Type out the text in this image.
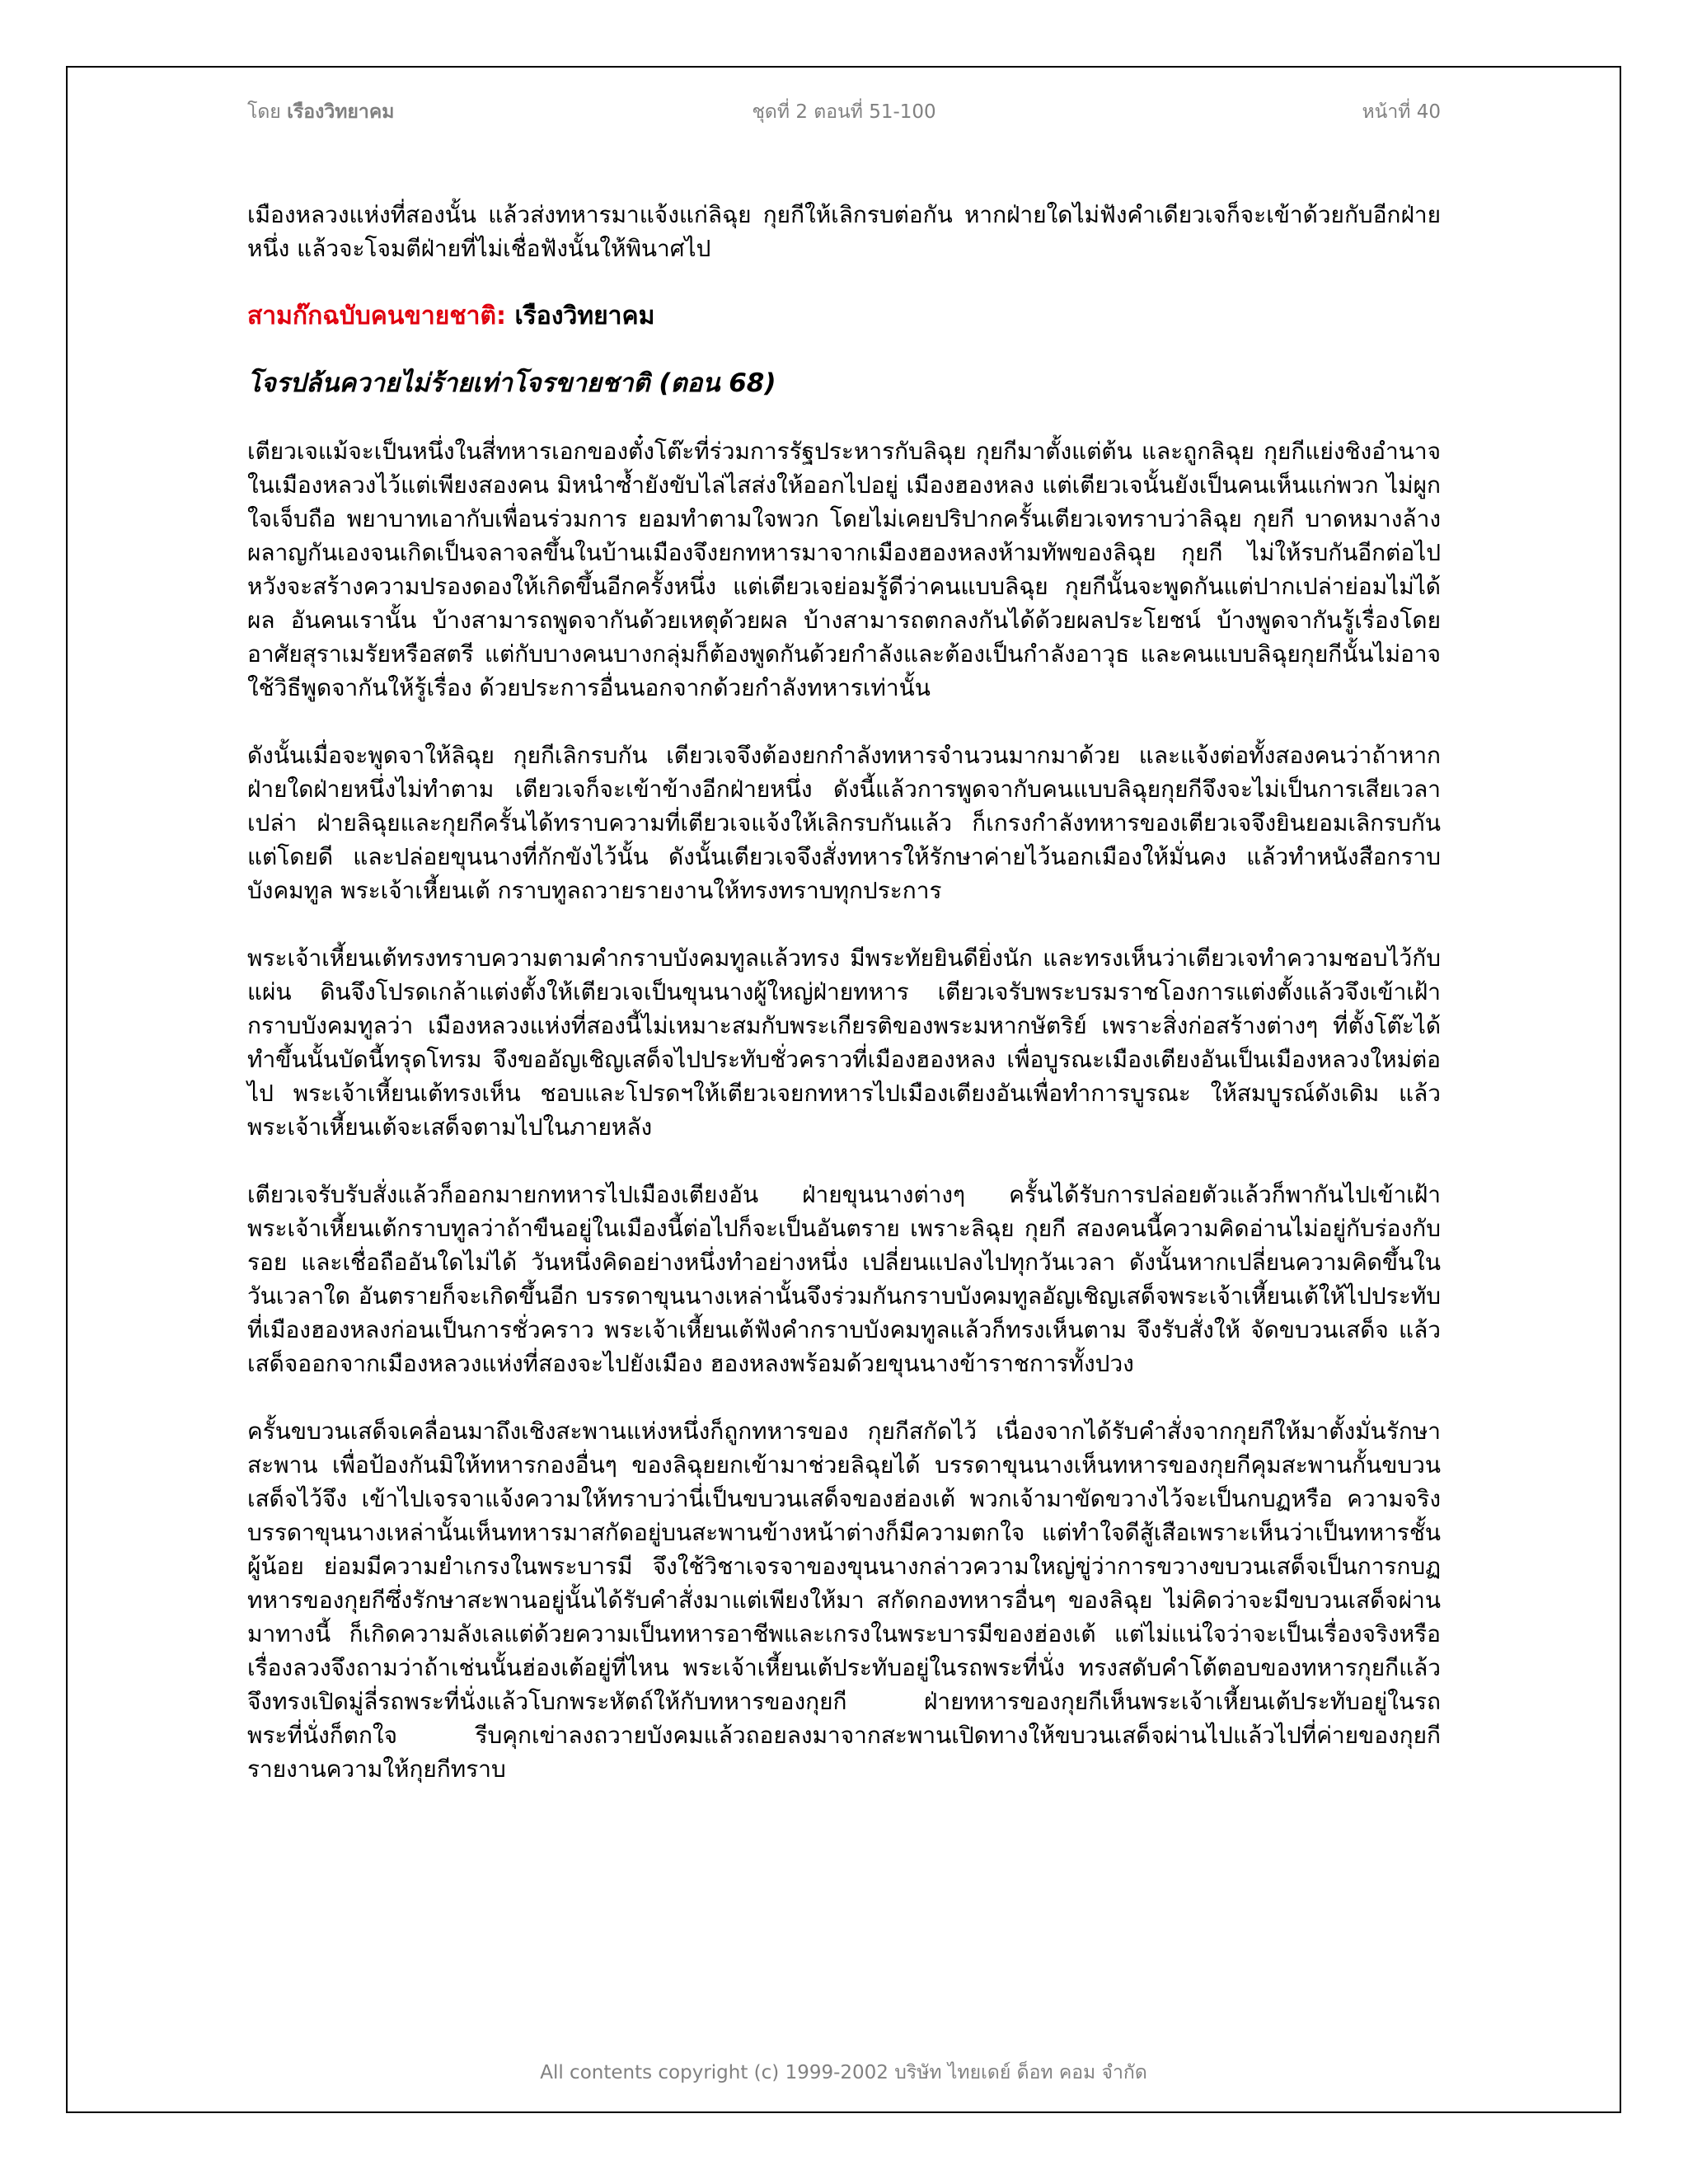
โดย เรืองวิทยาคม	ชุดที่ 2 ตอนที่ 51-100	หน้าที่ 40

เมืองหลวงแห่งที่สองนั้น แล้วส่งทหารมาแจ้งแก่ลิฉุย กุยกีให้เลิกรบต่อกัน หากฝ่ายใดไม่ฟังคำเดียวเจก็จะเข้าด้วยกับอีกฝ่ายหนึ่ง แล้วจะโจมตีฝ่ายที่ไม่เชื่อฟังนั้นให้พินาศไป

สามก๊กฉบับคนขายชาติ: เรืองวิทยาคม
โจรปล้นควายไม่ร้ายเท่าโจรขายชาติ (ตอน 68)

เตียวเจแม้จะเป็นหนึ่งในสี่ทหารเอกของตั๋งโต๊ะที่ร่วมการรัฐประหารกับลิฉุย กุยกีมาตั้งแต่ต้น และถูกลิฉุย กุยกีแย่งชิงอำนาจในเมืองหลวงไว้แต่เพียงสองคน มิหนำซ้ำยังขับไล่ไสส่งให้ออกไปอยู่ เมืองฮองหลง แต่เตียวเจนั้นยังเป็นคนเห็นแก่พวก ไม่ผูกใจเจ็บถือ พยาบาทเอากับเพื่อนร่วมการ ยอมทำตามใจพวก โดยไม่เคยปริปากครั้นเตียวเจทราบว่าลิฉุย กุยกี บาดหมางล้างผลาญกันเองจนเกิดเป็นจลาจลขึ้นในบ้านเมืองจึงยกทหารมาจากเมืองฮองหลงห้ามทัพของลิฉุย กุยกี ไม่ให้รบกันอีกต่อไปหวังจะสร้างความปรองดองให้เกิดขึ้นอีกครั้งหนึ่ง แต่เตียวเจย่อมรู้ดีว่าคนแบบลิฉุย กุยกีนั้นจะพูดกันแต่ปากเปล่าย่อมไม่ได้ผล อันคนเรานั้น บ้างสามารถพูดจากันด้วยเหตุด้วยผล บ้างสามารถตกลงกันได้ด้วยผลประโยชน์ บ้างพูดจากันรู้เรื่องโดยอาศัยสุราเมรัยหรือสตรี แต่กับบางคนบางกลุ่มก็ต้องพูดกันด้วยกำลังและต้องเป็นกำลังอาวุธ และคนแบบลิฉุยกุยกีนั้นไม่อาจใช้วิธีพูดจากันให้รู้เรื่อง ด้วยประการอื่นนอกจากด้วยกำลังทหารเท่านั้น

ดังนั้นเมื่อจะพูดจาให้ลิฉุย กุยกีเลิกรบกัน เตียวเจจึงต้องยกกำลังทหารจำนวนมากมาด้วย และแจ้งต่อทั้งสองคนว่าถ้าหากฝ่ายใดฝ่ายหนึ่งไม่ทำตาม เตียวเจก็จะเข้าข้างอีกฝ่ายหนึ่ง ดังนี้แล้วการพูดจากับคนแบบลิฉุยกุยกีจึงจะไม่เป็นการเสียเวลาเปล่า ฝ่ายลิฉุยและกุยกีครั้นได้ทราบความที่เตียวเจแจ้งให้เลิกรบกันแล้ว ก็เกรงกำลังทหารของเตียวเจจึงยินยอมเลิกรบกันแต่โดยดี และปล่อยขุนนางที่กักขังไว้นั้น ดังนั้นเตียวเจจึงสั่งทหารให้รักษาค่ายไว้นอกเมืองให้มั่นคง แล้วทำหนังสือกราบบังคมทูล พระเจ้าเหี้ยนเต้ กราบทูลถวายรายงานให้ทรงทราบทุกประการ

พระเจ้าเหี้ยนเต้ทรงทราบความตามคำกราบบังคมทูลแล้วทรง มีพระทัยยินดียิ่งนัก และทรงเห็นว่าเตียวเจทำความชอบไว้กับแผ่น ดินจึงโปรดเกล้าแต่งตั้งให้เตียวเจเป็นขุนนางผู้ใหญ่ฝ่ายทหาร เตียวเจรับพระบรมราชโองการแต่งตั้งแล้วจึงเข้าเฝ้ากราบบังคมทูลว่า เมืองหลวงแห่งที่สองนี้ไม่เหมาะสมกับพระเกียรติของพระมหากษัตริย์ เพราะสิ่งก่อสร้างต่างๆ ที่ตั้งโต๊ะได้ทำขึ้นนั้นบัดนี้ทรุดโทรม จึงขออัญเชิญเสด็จไปประทับชั่วคราวที่เมืองฮองหลง เพื่อบูรณะเมืองเตียงอันเป็นเมืองหลวงใหม่ต่อไป พระเจ้าเหี้ยนเต้ทรงเห็น ชอบและโปรดฯให้เตียวเจยกทหารไปเมืองเตียงอันเพื่อทำการบูรณะ ให้สมบูรณ์ดังเดิม แล้วพระเจ้าเหี้ยนเต้จะเสด็จตามไปในภายหลัง

เตียวเจรับรับสั่งแล้วก็ออกมายกทหารไปเมืองเตียงอัน ฝ่ายขุนนางต่างๆ ครั้นได้รับการปล่อยตัวแล้วก็พากันไปเข้าเฝ้าพระเจ้าเหี้ยนเต้กราบทูลว่าถ้าขืนอยู่ในเมืองนี้ต่อไปก็จะเป็นอันตราย เพราะลิฉุย กุยกี สองคนนี้ความคิดอ่านไม่อยู่กับร่องกับรอย และเชื่อถืออันใดไม่ได้ วันหนึ่งคิดอย่างหนึ่งทำอย่างหนึ่ง เปลี่ยนแปลงไปทุกวันเวลา ดังนั้นหากเปลี่ยนความคิดขึ้นในวันเวลาใด อันตรายก็จะเกิดขึ้นอีก บรรดาขุนนางเหล่านั้นจึงร่วมกันกราบบังคมทูลอัญเชิญเสด็จพระเจ้าเหี้ยนเต้ให้ไปประทับที่เมืองฮองหลงก่อนเป็นการชั่วคราว พระเจ้าเหี้ยนเต้ฟังคำกราบบังคมทูลแล้วก็ทรงเห็นตาม จึงรับสั่งให้ จัดขบวนเสด็จ แล้วเสด็จออกจากเมืองหลวงแห่งที่สองจะไปยังเมือง ฮองหลงพร้อมด้วยขุนนางข้าราชการทั้งปวง

ครั้นขบวนเสด็จเคลื่อนมาถึงเชิงสะพานแห่งหนึ่งก็ถูกทหารของ กุยกีสกัดไว้ เนื่องจากได้รับคำสั่งจากกุยกีให้มาตั้งมั่นรักษาสะพาน เพื่อป้องกันมิให้ทหารกองอื่นๆ ของลิฉุยยกเข้ามาช่วยลิฉุยได้ บรรดาขุนนางเห็นทหารของกุยกีคุมสะพานกั้นขบวนเสด็จไว้จึง เข้าไปเจรจาแจ้งความให้ทราบว่านี่เป็นขบวนเสด็จของฮ่องเต้ พวกเจ้ามาขัดขวางไว้จะเป็นกบฏหรือ ความจริงบรรดาขุนนางเหล่านั้นเห็นทหารมาสกัดอยู่บนสะพานข้างหน้าต่างก็มีความตกใจ แต่ทำใจดีสู้เสือเพราะเห็นว่าเป็นทหารชั้นผู้น้อย ย่อมมีความยำเกรงในพระบารมี จึงใช้วิชาเจรจาของขุนนางกล่าวความใหญ่ขู่ว่าการขวางขบวนเสด็จเป็นการกบฏทหารของกุยกีซึ่งรักษาสะพานอยู่นั้นได้รับคำสั่งมาแต่เพียงให้มา สกัดกองทหารอื่นๆ ของลิฉุย ไม่คิดว่าจะมีขบวนเสด็จผ่านมาทางนี้ ก็เกิดความลังเลแต่ด้วยความเป็นทหารอาชีพและเกรงในพระบารมีของฮ่องเต้ แต่ไม่แน่ใจว่าจะเป็นเรื่องจริงหรือเรื่องลวงจึงถามว่าถ้าเช่นนั้นฮ่องเต้อยู่ที่ไหน พระเจ้าเหี้ยนเต้ประทับอยู่ในรถพระที่นั่ง ทรงสดับคำโต้ตอบของทหารกุยกีแล้วจึงทรงเปิดมู่ลี่รถพระที่นั่งแล้วโบกพระหัตถ์ให้กับทหารของกุยกี ฝ่ายทหารของกุยกีเห็นพระเจ้าเหี้ยนเต้ประทับอยู่ในรถพระที่นั่งก็ตกใจ รีบคุกเข่าลงถวายบังคมแล้วถอยลงมาจากสะพานเปิดทางให้ขบวนเสด็จผ่านไปแล้วไปที่ค่ายของกุยกีรายงานความให้กุยกีทราบ

All contents copyright (c) 1999-2002 บริษัท ไทยเดย์ ด็อท คอม จำกัด
